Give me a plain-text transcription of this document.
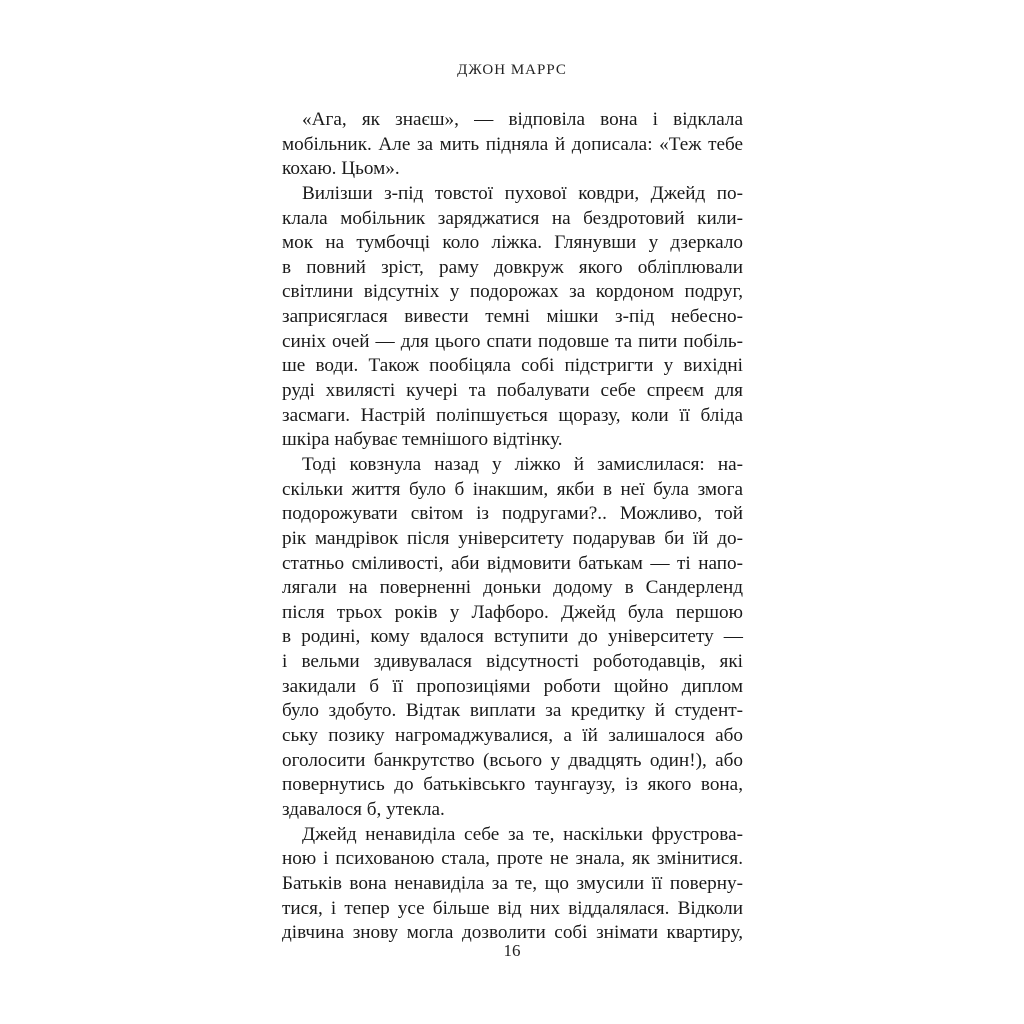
ДЖОН МАРРС
«Ага, як знаєш», — відповіла вона і відклала
мобільник. Але за мить підняла й дописала: «Теж тебе
кохаю. Цьом».
Вилізши з-під товстої пухової ковдри, Джейд по-
клала мобільник заряджатися на бездротовий кили-
мок на тумбочці коло ліжка. Глянувши у дзеркало
в повний зріст, раму довкруж якого обліплювали
світлини відсутніх у подорожах за кордоном подруг,
заприсяглася вивести темні мішки з-під небесно-
синіх очей — для цього спати подовше та пити побіль-
ше води. Також пообіцяла собі підстригти у вихідні
руді хвилясті кучері та побалувати себе спреєм для
засмаги. Настрій поліпшується щоразу, коли її бліда
шкіра набуває темнішого відтінку.
Тоді ковзнула назад у ліжко й замислилася: на-
скільки життя було б інакшим, якби в неї була змога
подорожувати світом із подругами?.. Можливо, той
рік мандрівок після університету подарував би їй до-
статньо сміливості, аби відмовити батькам — ті напо-
лягали на поверненні доньки додому в Сандерленд
після трьох років у Лафборо. Джейд була першою
в родині, кому вдалося вступити до університету —
і вельми здивувалася відсутності роботодавців, які
закидали б її пропозиціями роботи щойно диплом
було здобуто. Відтак виплати за кредитку й студент-
ську позику нагромаджувалися, а їй залишалося або
оголосити банкрутство (всього у двадцять один!), або
повернутись до батьківськго таунгаузу, із якого вона,
здавалося б, утекла.
Джейд ненавиділа себе за те, наскільки фрустрова-
ною і психованою стала, проте не знала, як змінитися.
Батьків вона ненавиділа за те, що змусили її поверну-
тися, і тепер усе більше від них віддалялася. Відколи
дівчина знову могла дозволити собі знімати квартиру,
16
